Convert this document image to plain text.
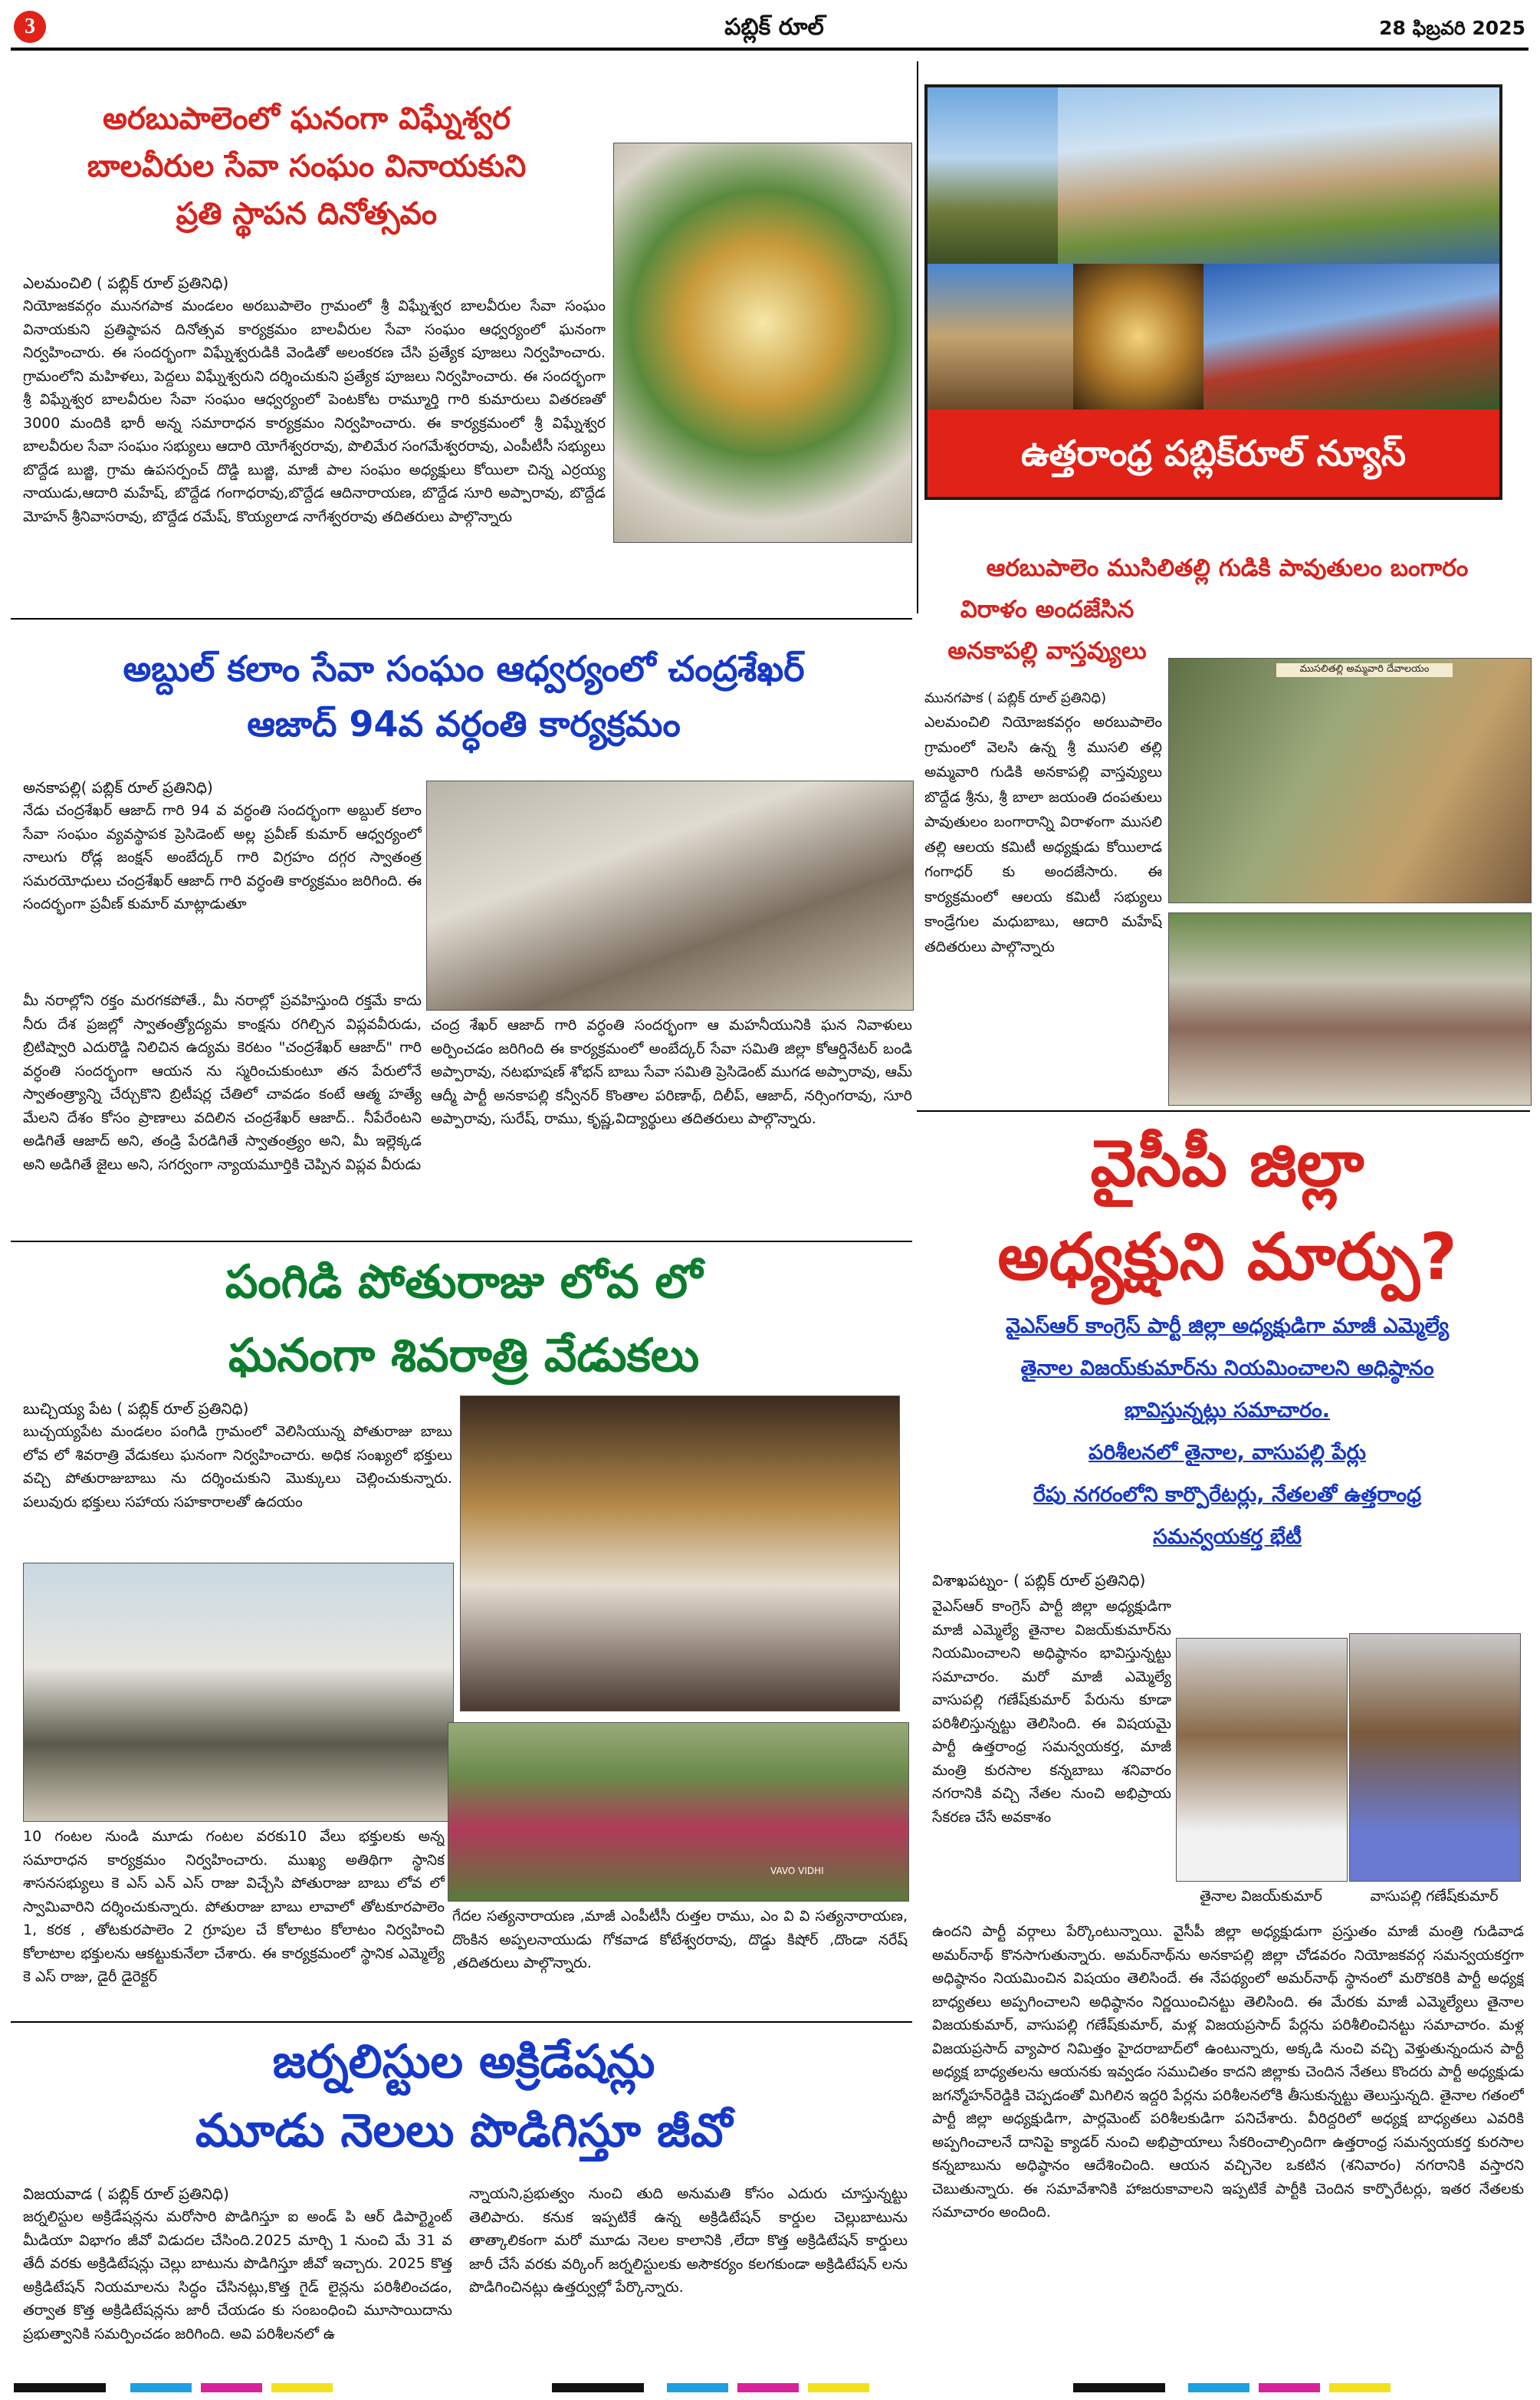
3	పబ్లిక్ రూల్	28 ఫిబ్రవరి 2025
అరబుపాలెంలో ఘనంగా విఘ్నేశ్వర
బాలవీరుల సేవా సంఘం వినాయకుని
ప్రతి స్థాపన దినోత్సవం
ఎలమంచిలి ( పబ్లిక్ రూల్ ప్రతినిధి)
నియోజకవర్గం మునగపాక మండలం అరబుపాలెం గ్రామంలో శ్రీ విఘ్నేశ్వర బాలవీరుల సేవా సంఘం వినాయకుని ప్రతిష్ఠాపన దినోత్సవ కార్యక్రమం బాలవీరుల సేవా సంఘం ఆధ్వర్యంలో ఘనంగా నిర్వహించారు. ఈ సందర్భంగా విఘ్నేశ్వరుడికి వెండితో అలంకరణ చేసి ప్రత్యేక పూజలు నిర్వహించారు. గ్రామంలోని మహిళలు, పెద్దలు విఘ్నేశ్వరుని దర్శించుకుని ప్రత్యేక పూజలు నిర్వహించారు. ఈ సందర్భంగా శ్రీ విఘ్నేశ్వర బాలవీరుల సేవా సంఘం ఆధ్వర్యంలో పెంటకోట రామ్మూర్తి గారి కుమారులు వితరణతో 3000 మందికి భారీ అన్న సమారాధన కార్యక్రమం నిర్వహించారు. ఈ కార్యక్రమంలో శ్రీ విఘ్నేశ్వర బాలవీరుల సేవా సంఘం సభ్యులు ఆదారి యోగేశ్వరరావు, పొలిమేర సంగమేశ్వరరావు, ఎంపీటీసీ సభ్యులు బొద్దేడ బుజ్జి, గ్రామ ఉపసర్పంచ్ దొడ్డి బుజ్జి, మాజీ పాల సంఘం అధ్యక్షులు కోయిలా చిన్న ఎర్రయ్య నాయుడు,ఆదారి మహేష్, బొద్దేడ గంగాధరావు,బొద్దేడ ఆదినారాయణ, బొద్దేడ సూరి అప్పారావు, బొద్దేడ మోహన్ శ్రీనివాసరావు, బొద్దేడ రమేష్, కొయ్యలాడ నాగేశ్వరరావు తదితరులు పాల్గొన్నారు
ఉత్తరాంధ్ర పబ్లిక్‌రూల్ న్యూస్
ఆరబుపాలెం ముసిలితల్లి గుడికి పావుతులం బంగారం
విరాళం అందజేసిన
అనకాపల్లి వాస్తవ్యులు
మునగపాక ( పబ్లిక్ రూల్ ప్రతినిధి)
ఎలమంచిలి నియోజకవర్గం అరబుపాలెం గ్రామంలో వెలసి ఉన్న శ్రీ ముసలి తల్లి అమ్మవారి గుడికి అనకాపల్లి వాస్తవ్యులు బొద్దేడ శ్రీను, శ్రీ బాలా జయంతి దంపతులు పావుతులం బంగారాన్ని విరాళంగా ముసలి తల్లి ఆలయ కమిటీ అధ్యక్షుడు కోయిలాడ గంగాధర్ కు అందజేసారు. ఈ కార్యక్రమంలో ఆలయ కమిటీ సభ్యులు కాండ్రేగుల మధుబాబు, ఆదారి మహేష్ తదితరులు పాల్గొన్నారు
ముసలితల్లి అమ్మవారి దేవాలయం
అబ్దుల్ కలాం సేవా సంఘం ఆధ్వర్యంలో చంద్రశేఖర్
ఆజాద్ 94వ వర్ధంతి కార్యక్రమం
అనకాపల్లి( పబ్లిక్ రూల్ ప్రతినిధి)
నేడు చంద్రశేఖర్ ఆజాద్ గారి 94 వ వర్ధంతి సందర్భంగా అబ్దుల్ కలాం సేవా సంఘం వ్యవస్థాపక ప్రెసిడెంట్ అల్ల ప్రవీణ్ కుమార్ ఆధ్వర్యంలో నాలుగు రోడ్ల జంక్షన్ అంబేద్కర్ గారి విగ్రహం దగ్గర స్వాతంత్ర సమరయోధులు చంద్రశేఖర్ ఆజాద్ గారి వర్ధంతి కార్యక్రమం జరిగింది. ఈ సందర్భంగా ప్రవీణ్ కుమార్ మాట్లాడుతూ
మీ నరాల్లోని రక్తం మరగకపోతే., మీ నరాల్లో ప్రవహిస్తుంది రక్తమే కాదు నీరు దేశ ప్రజల్లో స్వాతంత్ర్యోద్యమ కాంక్షను రగిల్చిన విప్లవవీరుడు, బ్రిటిష్వారి ఎదురొడ్డి నిలిచిన ఉద్యమ కెరటం "చంద్రశేఖర్ ఆజాద్" గారి వర్ధంతి సందర్భంగా ఆయన ను స్మరించుకుంటూ తన పేరులోనే స్వాతంత్ర్యాన్ని చేర్చుకొని బ్రిటీషర్ల చేతిలో చావడం కంటే ఆత్మ హత్యే మేలని దేశం కోసం ప్రాణాలు వదిలిన చంద్రశేఖర్ ఆజాద్.. నీపేరేంటని అడిగితే ఆజాద్ అని, తండ్రి పేరడిగితే స్వాతంత్ర్యం అని, మీ ఇల్లెక్కడ అని అడిగితే జైలు అని, సగర్వంగా న్యాయమూర్తికి చెప్పిన విప్లవ వీరుడు
చంద్ర శేఖర్ ఆజాద్ గారి వర్ధంతి సందర్భంగా ఆ మహనీయునికి ఘన నివాళులు అర్పించడం జరిగింది ఈ కార్యక్రమంలో అంబేద్కర్ సేవా సమితి జిల్లా కోఆర్డినేటర్ బండి అప్పారావు, నటభూషణ్ శోభన్ బాబు సేవా సమితి ప్రెసిడెంట్ ముగడ అప్పారావు, ఆమ్ ఆద్మీ పార్టీ అనకాపల్లి కన్వీనర్ కొంతాల పరిణాథ్, దిలీప్, ఆజాద్, నర్సింగరావు, సూరి అప్పారావు, సురేష్, రాము, కృష్ణ,విద్యార్థులు తదితరులు పాల్గొన్నారు.
పంగిడి పోతురాజు లోవ లో
ఘనంగా శివరాత్రి వేడుకలు
బుచ్చియ్య పేట ( పబ్లిక్ రూల్ ప్రతినిధి)
బుచ్చయ్యపేట మండలం పంగిడి గ్రామంలో వెలిసియున్న పోతురాజు బాబు లోవ లో శివరాత్రి వేడుకలు ఘనంగా నిర్వహించారు. అధిక సంఖ్యలో భక్తులు వచ్చి పోతురాజుబాబు ను దర్శించుకుని మొక్కులు చెల్లించుకున్నారు. పలువురు భక్తులు సహాయ సహకారాలతో ఉదయం
VAVO VIDHI
10 గంటల నుండి మూడు గంటల వరకు10 వేలు భక్తులకు అన్న సమారాధన కార్యక్రమం నిర్వహించారు. ముఖ్య అతిథిగా స్థానిక శాసనసభ్యులు కె ఎస్ ఎన్ ఎస్ రాజు విచ్చేసి పోతురాజు బాబు లోవ లో స్వామివారిని దర్శించుకున్నారు. పోతురాజు బాబు లావాలో తోటకూరపాలెం 1, కరక , తోటకురపాలెం 2 గ్రూపుల చే కోలాటం కోలాటం నిర్వహించి కోలాటాల భక్తులను ఆకట్టుకునేలా చేశారు. ఈ కార్యక్రమంలో స్థానిక ఎమ్మెల్యే కె ఎస్ రాజు, డైరీ డైరెక్టర్
గేదల సత్యనారాయణ ,మాజీ ఎంపీటీసీ రుత్తల రాము, ఎం వి వి సత్యనారాయణ, దొంకిన అప్పలనాయుడు గోకవాడ కోటేశ్వరరావు, దొడ్డు కిషోర్ ,దొండా నరేష్ ,తదితరులు పాల్గొన్నారు.
జర్నలిస్టుల అక్రిడేషన్లు
మూడు నెలలు పొడిగిస్తూ జీవో
విజయవాడ ( పబ్లిక్ రూల్ ప్రతినిధి)
జర్నలిస్టుల అక్రిడేషన్లను మరోసారి పొడిగిస్తూ ఐ అండ్ పి ఆర్ డిపార్ట్మెంట్ మీడియా విభాగం జీవో విడుదల చేసింది.2025 మార్చి 1 నుంచి మే 31 వ తేదీ వరకు అక్రిడిటేషన్లు చెల్లు బాటును పొడిగిస్తూ జీవో ఇచ్చారు. 2025 కొత్త అక్రిడిటేషన్ నియమాలను సిద్ధం చేసినట్లు,కొత్త గైడ్ లైన్లను పరిశీలించడం, తర్వాత కొత్త అక్రిడిటేషన్లను జారీ చేయడం కు సంబంధించి మూసాయిదాను ప్రభుత్వానికి సమర్పించడం జరిగింది. అవి పరిశీలనలో ఉ
న్నాయని,ప్రభుత్వం నుంచి తుది అనుమతి కోసం ఎదురు చూస్తున్నట్టు తెలిపారు. కనుక ఇప్పటికే ఉన్న అక్రిడిటేషన్ కార్డుల చెల్లుబాటును తాత్కాలికంగా మరో మూడు నెలల కాలానికి ,లేదా కొత్త అక్రిడిటేషన్ కార్డులు జారీ చేసే వరకు వర్కింగ్ జర్నలిస్టులకు అసౌకర్యం కలగకుండా అక్రిడిటేషన్ లను పొడిగించినట్లు ఉత్తర్వుల్లో పేర్కొన్నారు.
వైసీపీ జిల్లా
అధ్యక్షుని మార్పు?
వైఎస్ఆర్ కాంగ్రెస్ పార్టీ జిల్లా అధ్యక్షుడిగా మాజీ ఎమ్మెల్యే
తైనాల విజయ్‌కుమార్‌ను నియమించాలని అధిష్ఠానం
భావిస్తున్నట్లు సమాచారం.
పరిశీలనలో తైనాల, వాసుపల్లి పేర్లు
రేపు నగరంలోని కార్పొరేటర్లు, నేతలతో ఉత్తరాంధ్ర
సమన్వయకర్త భేటీ
విశాఖపట్నం- ( పబ్లిక్ రూల్ ప్రతినిధి)
వైఎస్ఆర్ కాంగ్రెస్ పార్టీ జిల్లా అధ్యక్షుడిగా మాజీ ఎమ్మెల్యే తైనాల విజయ్‌కుమార్‌ను నియమించాలని అధిష్ఠానం భావిస్తున్నట్టు సమాచారం. మరో మాజీ ఎమ్మెల్యే వాసుపల్లి గణేష్‌కుమార్ పేరును కూడా పరిశీలిస్తున్నట్టు తెలిసింది. ఈ విషయమై పార్టీ ఉత్తరాంధ్ర సమన్వయకర్త, మాజీ మంత్రి కురసాల కన్నబాబు శనివారం నగరానికి వచ్చి నేతల నుంచి అభిప్రాయ సేకరణ చేసే అవకాశం
తైనాల విజయ్‌కుమార్	వాసుపల్లి గణేష్‌కుమార్
ఉందని పార్టీ వర్గాలు పేర్కొంటున్నాయి. వైసీపీ జిల్లా అధ్యక్షుడుగా ప్రస్తుతం మాజీ మంత్రి గుడివాడ అమర్‌నాథ్ కొనసాగుతున్నారు. అమర్‌నాథ్‌ను అనకాపల్లి జిల్లా చోడవరం నియోజకవర్గ సమన్వయకర్తగా అధిష్ఠానం నియమించిన విషయం తెలిసిందే. ఈ నేపథ్యంలో అమర్‌నాథ్ స్థానంలో మరొకరికి పార్టీ అధ్యక్ష బాధ్యతలు అప్పగించాలని అధిష్ఠానం నిర్ణయించినట్టు తెలిసింది. ఈ మేరకు మాజీ ఎమ్మెల్యేలు తైనాల విజయకుమార్, వాసుపల్లి గణేష్‌కుమార్, మళ్ల విజయప్రసాద్ పేర్లను పరిశీలించినట్టు సమాచారం. మళ్ల విజయప్రసాద్ వ్యాపార నిమిత్తం హైదరాబాద్‌లో ఉంటున్నారు, అక్కడి నుంచి వచ్చి వెళ్తుతున్నందున పార్టీ అధ్యక్ష బాధ్యతలను ఆయనకు ఇవ్వడం సముచితం కాదని జిల్లాకు చెందిన నేతలు కొందరు పార్టీ అధ్యక్షుడు జగన్మోహన్‌రెడ్డికి చెప్పడంతో మిగిలిన ఇద్దరి పేర్లను పరిశీలనలోకి తీసుకున్నట్టు తెలుస్తున్నది. తైనాల గతంలో పార్టీ జిల్లా అధ్యక్షుడిగా, పార్లమెంట్ పరిశీలకుడిగా పనిచేశారు. వీరిద్దరిలో అధ్యక్ష బాధ్యతలు ఎవరికి అప్పగించాలనే దానిపై క్యాడర్ నుంచి అభిప్రాయాలు సేకరించాల్సిందిగా ఉత్తరాంధ్ర సమన్వయకర్త కురసాల కన్నబాబును అధిష్ఠానం ఆదేశించింది. ఆయన వచ్చినెల ఒకటిన (శనివారం) నగరానికి వస్తారని చెబుతున్నారు. ఈ సమావేశానికి హాజరుకావాలని ఇప్పటికే పార్టీకి చెందిన కార్పొరేటర్లు, ఇతర నేతలకు సమాచారం అందింది.
